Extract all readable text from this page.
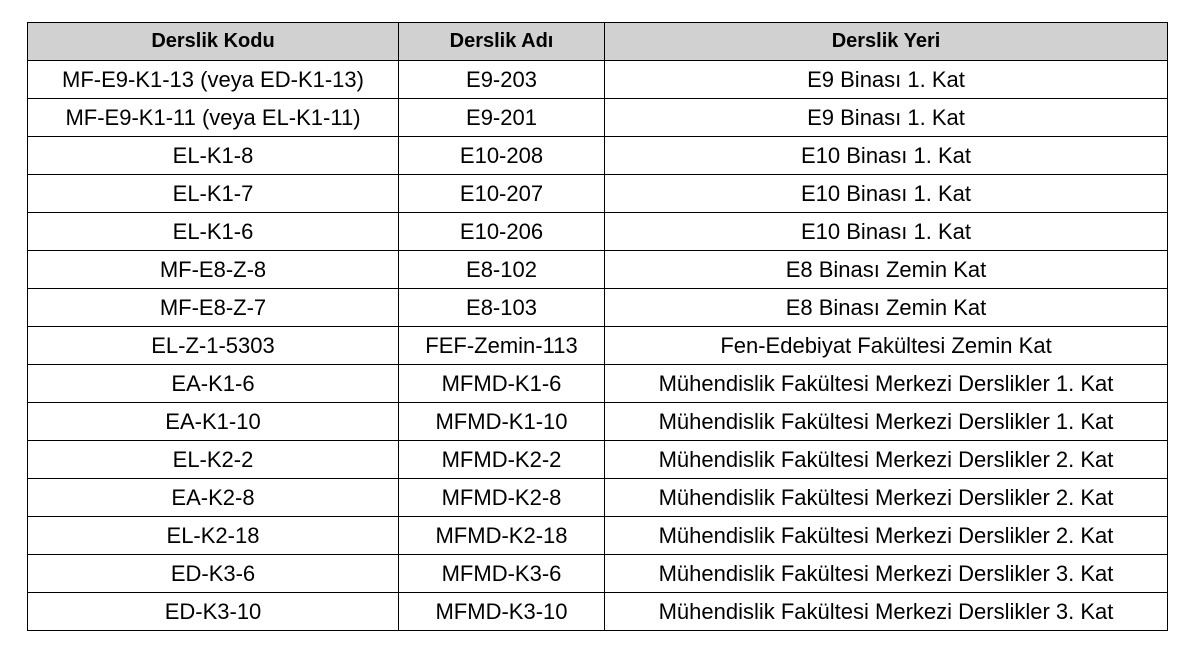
Derslik Kodu	Derslik Adı	Derslik Yeri
MF-E9-K1-13 (veya ED-K1-13)	E9-203	E9 Binası 1. Kat
MF-E9-K1-11 (veya EL-K1-11)	E9-201	E9 Binası 1. Kat
EL-K1-8	E10-208	E10 Binası 1. Kat
EL-K1-7	E10-207	E10 Binası 1. Kat
EL-K1-6	E10-206	E10 Binası 1. Kat
MF-E8-Z-8	E8-102	E8 Binası Zemin Kat
MF-E8-Z-7	E8-103	E8 Binası Zemin Kat
EL-Z-1-5303	FEF-Zemin-113	Fen-Edebiyat Fakültesi Zemin Kat
EA-K1-6	MFMD-K1-6	Mühendislik Fakültesi Merkezi Derslikler 1. Kat
EA-K1-10	MFMD-K1-10	Mühendislik Fakültesi Merkezi Derslikler 1. Kat
EL-K2-2	MFMD-K2-2	Mühendislik Fakültesi Merkezi Derslikler 2. Kat
EA-K2-8	MFMD-K2-8	Mühendislik Fakültesi Merkezi Derslikler 2. Kat
EL-K2-18	MFMD-K2-18	Mühendislik Fakültesi Merkezi Derslikler 2. Kat
ED-K3-6	MFMD-K3-6	Mühendislik Fakültesi Merkezi Derslikler 3. Kat
ED-K3-10	MFMD-K3-10	Mühendislik Fakültesi Merkezi Derslikler 3. Kat
